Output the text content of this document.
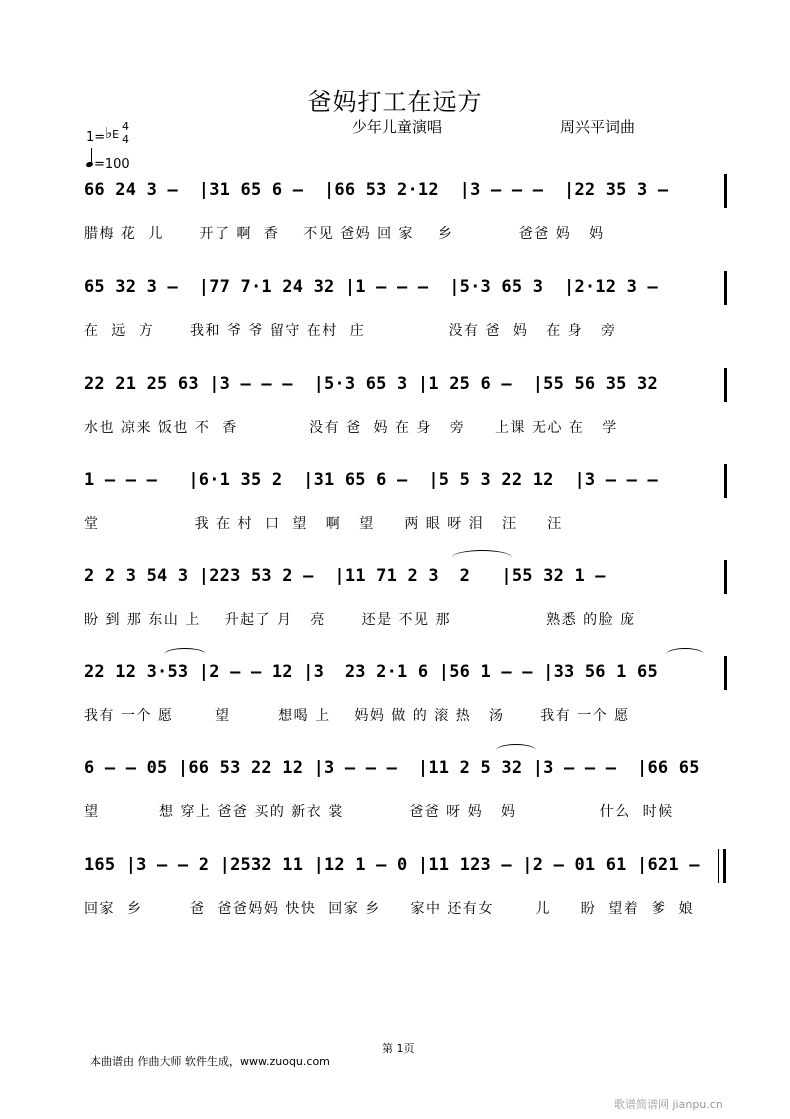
爸妈打工在远方
少年儿童演唱	周兴平词曲
1= ♭E
4
4
=100
66 24 3 –  |31 65 6 –  |66 53 2·12  |3 – – –  |22 35 3 –
腊梅 花  儿      开了 啊  香    不见 爸妈 回 家    乡           爸爸 妈   妈
65 32 3 –  |77 7·1 24 32 |1 – – –  |5·3 65 3  |2·12 3 –
在  远  方      我和 爷 爷 留守 在村  庄              没有 爸  妈   在 身   旁
22 21 25 63 |3 – – –  |5·3 65 3 |1 25 6 –  |55 56 35 32
水也 凉来 饭也 不  香            没有 爸  妈 在 身   旁     上课 无心 在   学
1 – – –   |6·1 35 2  |31 65 6 –  |5 5 3 22 12  |3 – – –
堂                我 在 村  口  望   啊   望     两 眼 呀 泪   汪     汪
2 2 3 54 3 |223 53 2 –  |11 71 2 3  2   |55 32 1 –
盼 到 那 东山 上    升起了 月   亮      还是 不见 那                熟悉 的脸 庞
22 12 3·53 |2 – – 12 |3  23 2·1 6 |56 1 – – |33 56 1 65
我有 一个 愿       望        想喝 上    妈妈 做 的 滚 热   汤      我有 一个 愿
6 – – 05 |66 53 22 12 |3 – – –  |11 2 5 32 |3 – – –  |66 65
望          想 穿上 爸爸 买的 新衣 裳           爸爸 呀 妈   妈              什么  时候
165 |3 – – 2 |2532 11 |12 1 – 0 |11 123 – |2 – 01 61 |621 –
回家  乡        爸  爸爸妈妈 快快  回家 乡     家中 还有女       儿     盼  望着  爹  娘
第 1页
本曲谱由 作曲大师 软件生成，www.zuoqu.com
歌谱简谱网 jianpu.cn
